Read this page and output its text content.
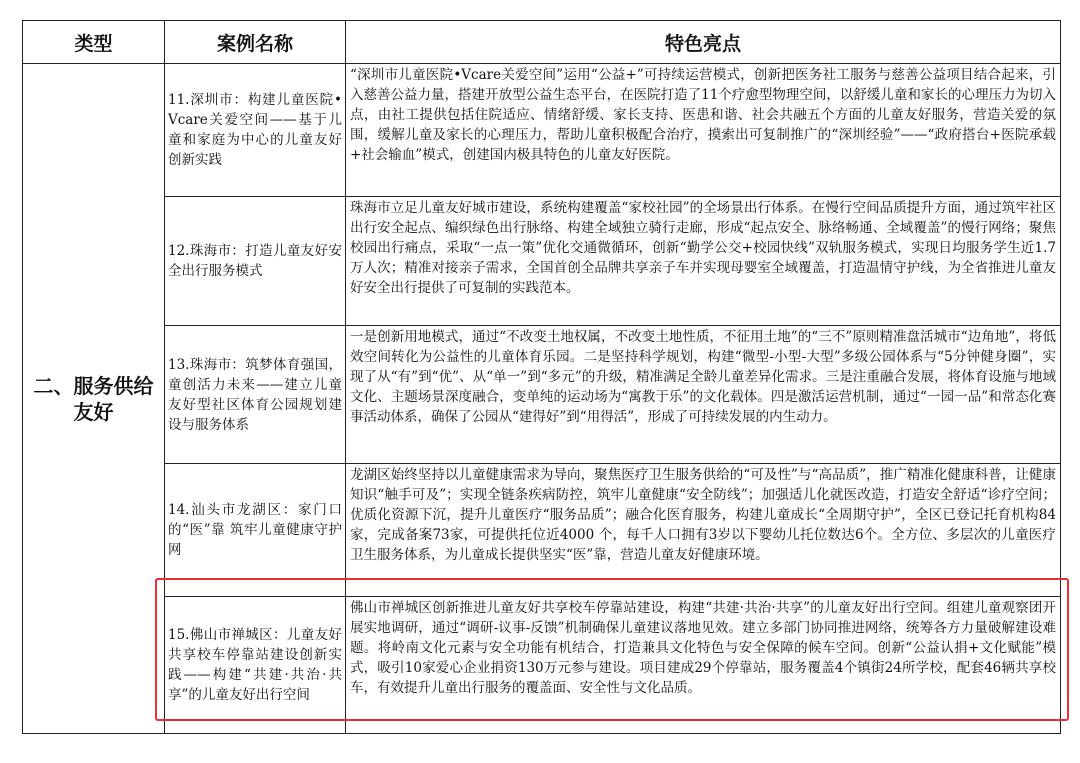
类型	案例名称	特色亮点
二、服务供给友好	11.深圳市：构建儿童医院•Vcare关爱空间——基于儿童和家庭为中心的儿童友好创新实践	“深圳市儿童医院•Vcare关爱空间”运用“公益+”可持续运营模式，创新把医务社工服务与慈善公益项目结合起来，引入慈善公益力量，搭建开放型公益生态平台，在医院打造了11个疗愈型物理空间，以舒缓儿童和家长的心理压力为切入点，由社工提供包括住院适应、情绪舒缓、家长支持、医患和谐、社会共融五个方面的儿童友好服务，营造关爱的氛围，缓解儿童及家长的心理压力，帮助儿童积极配合治疗，摸索出可复制推广的“深圳经验”——“政府搭台+医院承载+社会输血”模式，创建国内极具特色的儿童友好医院。
	12.珠海市：打造儿童友好安全出行服务模式	珠海市立足儿童友好城市建设，系统构建覆盖“家校社园”的全场景出行体系。在慢行空间品质提升方面，通过筑牢社区出行安全起点、编织绿色出行脉络、构建全域独立骑行走廊，形成“起点安全、脉络畅通、全域覆盖”的慢行网络；聚焦校园出行痛点，采取“一点一策”优化交通微循环，创新“勤学公交+校园快线”双轨服务模式，实现日均服务学生近1.7万人次；精准对接亲子需求，全国首创全品牌共享亲子车并实现母婴室全域覆盖，打造温情守护线，为全省推进儿童友好安全出行提供了可复制的实践范本。
	13.珠海市：筑梦体育强国，童创活力未来——建立儿童友好型社区体育公园规划建设与服务体系	一是创新用地模式，通过“不改变土地权属，不改变土地性质，不征用土地”的“三不”原则精准盘活城市“边角地”，将低效空间转化为公益性的儿童体育乐园。二是坚持科学规划，构建“微型-小型-大型”多级公园体系与“5分钟健身圈”，实现了从“有”到“优”、从“单一”到“多元”的升级，精准满足全龄儿童差异化需求。三是注重融合发展，将体育设施与地域文化、主题场景深度融合，变单纯的运动场为“寓教于乐”的文化载体。四是激活运营机制，通过“一园一品”和常态化赛事活动体系，确保了公园从“建得好”到“用得活”，形成了可持续发展的内生动力。
	14.汕头市龙湖区：家门口的“医”靠 筑牢儿童健康守护网	龙湖区始终坚持以儿童健康需求为导向，聚焦医疗卫生服务供给的“可及性”与“高品质”，推广精准化健康科普，让健康知识“触手可及”；实现全链条疾病防控，筑牢儿童健康“安全防线”；加强适儿化就医改造，打造安全舒适“诊疗空间；优质化资源下沉，提升儿童医疗“服务品质”；融合化医育服务，构建儿童成长“全周期守护”，全区已登记托育机构84家，完成备案73家，可提供托位近4000 个，每千人口拥有3岁以下婴幼儿托位数达6个。全方位、多层次的儿童医疗卫生服务体系，为儿童成长提供坚实“医”靠，营造儿童友好健康环境。
	15.佛山市禅城区：儿童友好共享校车停靠站建设创新实践——构建“共建·共治·共享”的儿童友好出行空间	佛山市禅城区创新推进儿童友好共享校车停靠站建设，构建“共建·共治·共享”的儿童友好出行空间。组建儿童观察团开展实地调研，通过“调研-议事-反馈”机制确保儿童建议落地见效。建立多部门协同推进网络，统筹各方力量破解建设难题。将岭南文化元素与安全功能有机结合，打造兼具文化特色与安全保障的候车空间。创新“公益认捐+文化赋能”模式，吸引10家爱心企业捐资130万元参与建设。项目建成29个停靠站，服务覆盖4个镇街24所学校，配套46辆共享校车，有效提升儿童出行服务的覆盖面、安全性与文化品质。
